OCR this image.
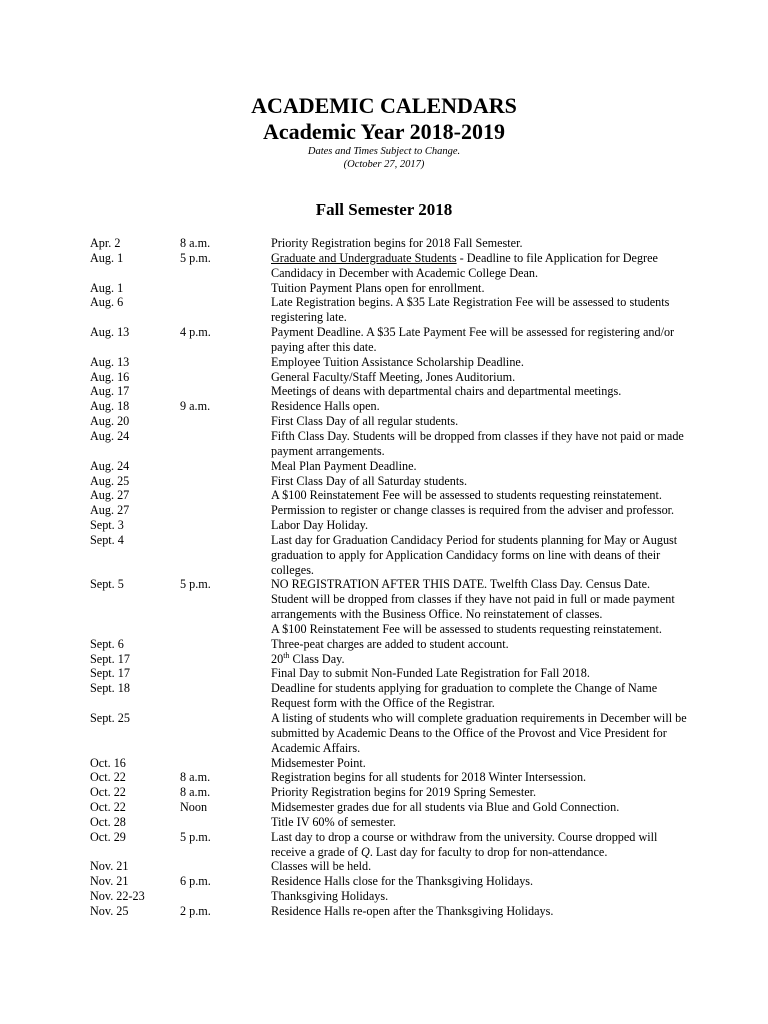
ACADEMIC CALENDARS
Academic Year 2018-2019
Dates and Times Subject to Change.
(October 27, 2017)
Fall Semester 2018
Apr. 2	8 a.m.	Priority Registration begins for 2018 Fall Semester.
Aug. 1	5 p.m.	Graduate and Undergraduate Students - Deadline to file Application for Degree Candidacy in December with Academic College Dean.
Aug. 1	Tuition Payment Plans open for enrollment.
Aug. 6	Late Registration begins. A $35 Late Registration Fee will be assessed to students registering late.
Aug. 13	4 p.m.	Payment Deadline. A $35 Late Payment Fee will be assessed for registering and/or paying after this date.
Aug. 13	Employee Tuition Assistance Scholarship Deadline.
Aug. 16	General Faculty/Staff Meeting, Jones Auditorium.
Aug. 17	Meetings of deans with departmental chairs and departmental meetings.
Aug. 18	9 a.m.	Residence Halls open.
Aug. 20	First Class Day of all regular students.
Aug. 24	Fifth Class Day. Students will be dropped from classes if they have not paid or made payment arrangements.
Aug. 24	Meal Plan Payment Deadline.
Aug. 25	First Class Day of all Saturday students.
Aug. 27	A $100 Reinstatement Fee will be assessed to students requesting reinstatement.
Aug. 27	Permission to register or change classes is required from the adviser and professor.
Sept. 3	Labor Day Holiday.
Sept. 4	Last day for Graduation Candidacy Period for students planning for May or August graduation to apply for Application Candidacy forms on line with deans of their colleges.
Sept. 5	5 p.m.	NO REGISTRATION AFTER THIS DATE. Twelfth Class Day. Census Date. Student will be dropped from classes if they have not paid in full or made payment arrangements with the Business Office. No reinstatement of classes.
A $100 Reinstatement Fee will be assessed to students requesting reinstatement.
Sept. 6	Three-peat charges are added to student account.
Sept. 17	20th Class Day.
Sept. 17	Final Day to submit Non-Funded Late Registration for Fall 2018.
Sept. 18	Deadline for students applying for graduation to complete the Change of Name Request form with the Office of the Registrar.
Sept. 25	A listing of students who will complete graduation requirements in December will be submitted by Academic Deans to the Office of the Provost and Vice President for Academic Affairs.
Oct. 16	Midsemester Point.
Oct. 22	8 a.m.	Registration begins for all students for 2018 Winter Intersession.
Oct. 22	8 a.m.	Priority Registration begins for 2019 Spring Semester.
Oct. 22	Noon	Midsemester grades due for all students via Blue and Gold Connection.
Oct. 28	Title IV 60% of semester.
Oct. 29	5 p.m.	Last day to drop a course or withdraw from the university. Course dropped will receive a grade of Q. Last day for faculty to drop for non-attendance.
Nov. 21	Classes will be held.
Nov. 21	6 p.m.	Residence Halls close for the Thanksgiving Holidays.
Nov. 22-23	Thanksgiving Holidays.
Nov. 25	2 p.m.	Residence Halls re-open after the Thanksgiving Holidays.
